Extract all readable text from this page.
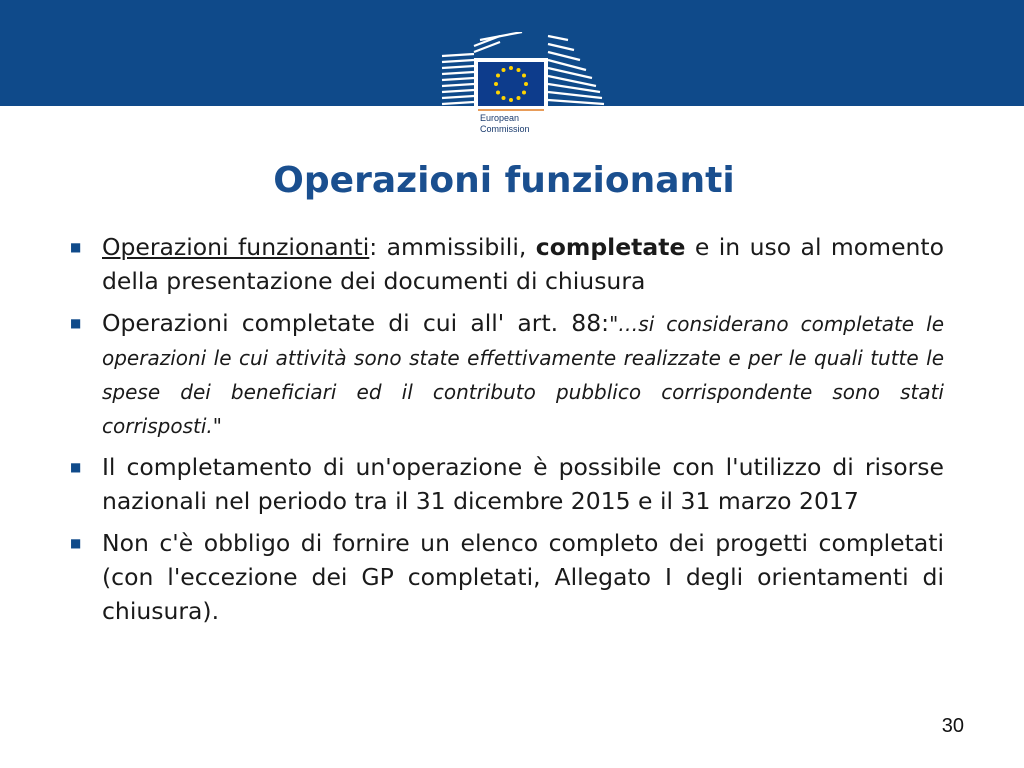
European
Commission
Operazioni funzionanti
■ Operazioni funzionanti: ammissibili, completate e in uso al momento della presentazione dei documenti di chiusura
■ Operazioni completate di cui all' art. 88:"…si considerano completate le operazioni le cui attività sono state effettivamente realizzate e per le quali tutte le spese dei beneficiari ed il contributo pubblico corrispondente sono stati corrisposti."
■ Il completamento di un'operazione è possibile con l'utilizzo di risorse nazionali nel periodo tra il 31 dicembre 2015 e il 31 marzo 2017
■ Non c'è obbligo di fornire un elenco completo dei progetti completati (con l'eccezione dei GP completati, Allegato I degli orientamenti di chiusura).
30
